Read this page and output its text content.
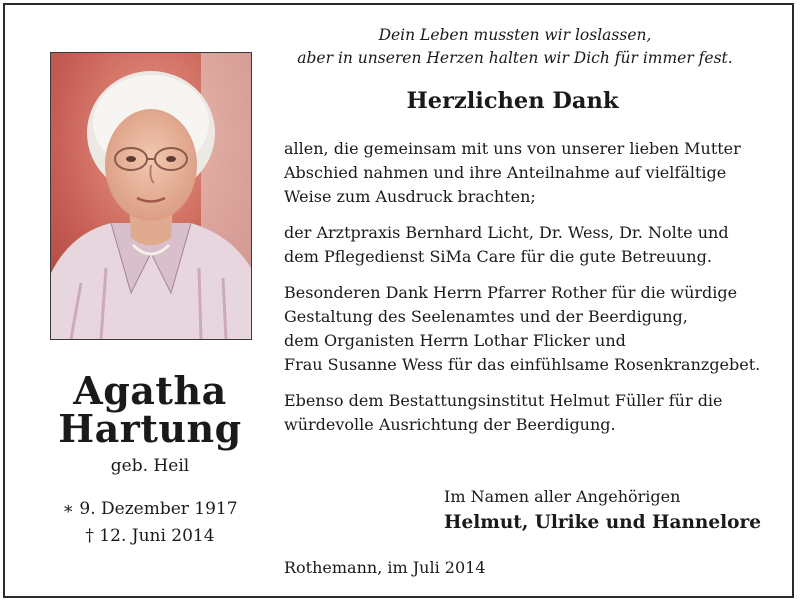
Agatha
Hartung
geb. Heil
∗ 9. Dezember 1917
† 12. Juni 2014
Dein Leben mussten wir loslassen,
aber in unseren Herzen halten wir Dich für immer fest.
Herzlichen Dank

allen, die gemeinsam mit uns von unserer lieben Mutter
Abschied nahmen und ihre Anteilnahme auf vielfältige
Weise zum Ausdruck brachten;

der Arztpraxis Bernhard Licht, Dr. Wess, Dr. Nolte und
dem Pflegedienst SiMa Care für die gute Betreuung.

Besonderen Dank Herrn Pfarrer Rother für die würdige
Gestaltung des Seelenamtes und der Beerdigung,
dem Organisten Herrn Lothar Flicker und
Frau Susanne Wess für das einfühlsame Rosenkranzgebet.

Ebenso dem Bestattungsinstitut Helmut Füller für die
würdevolle Ausrichtung der Beerdigung.

Im Namen aller Angehörigen
Helmut, Ulrike und Hannelore
Rothemann, im Juli 2014
